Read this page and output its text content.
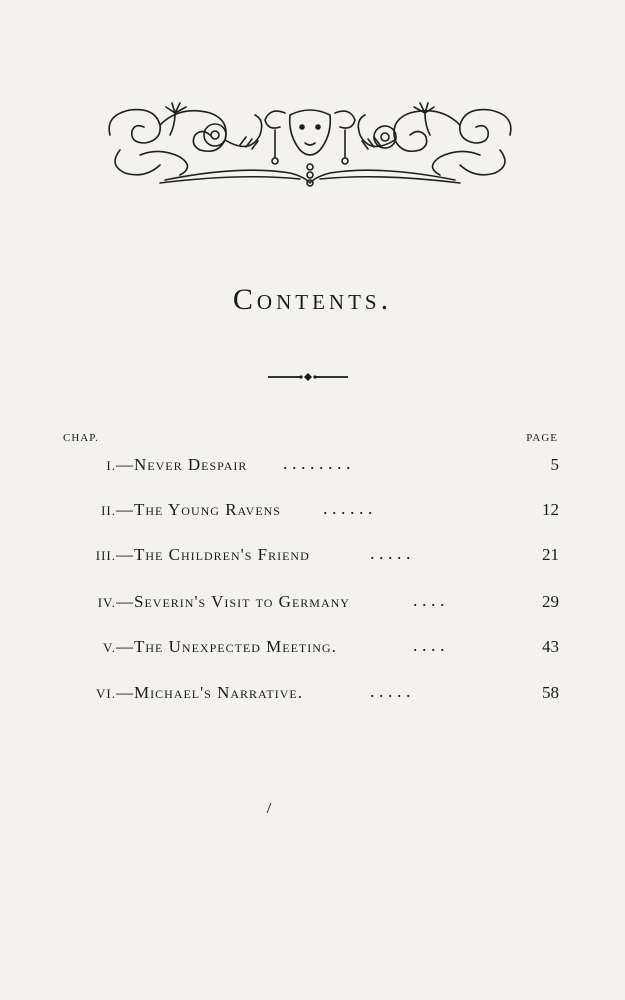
Contents.
CHAP.	PAGE
I. —Never Despair . . . . . . . .	5
II. —The Young Ravens . . . . . .	12
III. —The Children's Friend	. . . . .	21
IV. —Severin's Visit to Germany	. . . .	29
V. —The Unexpected Meeting.	. . . .	43
VI. —Michael's Narrative.	. . . . .	58
